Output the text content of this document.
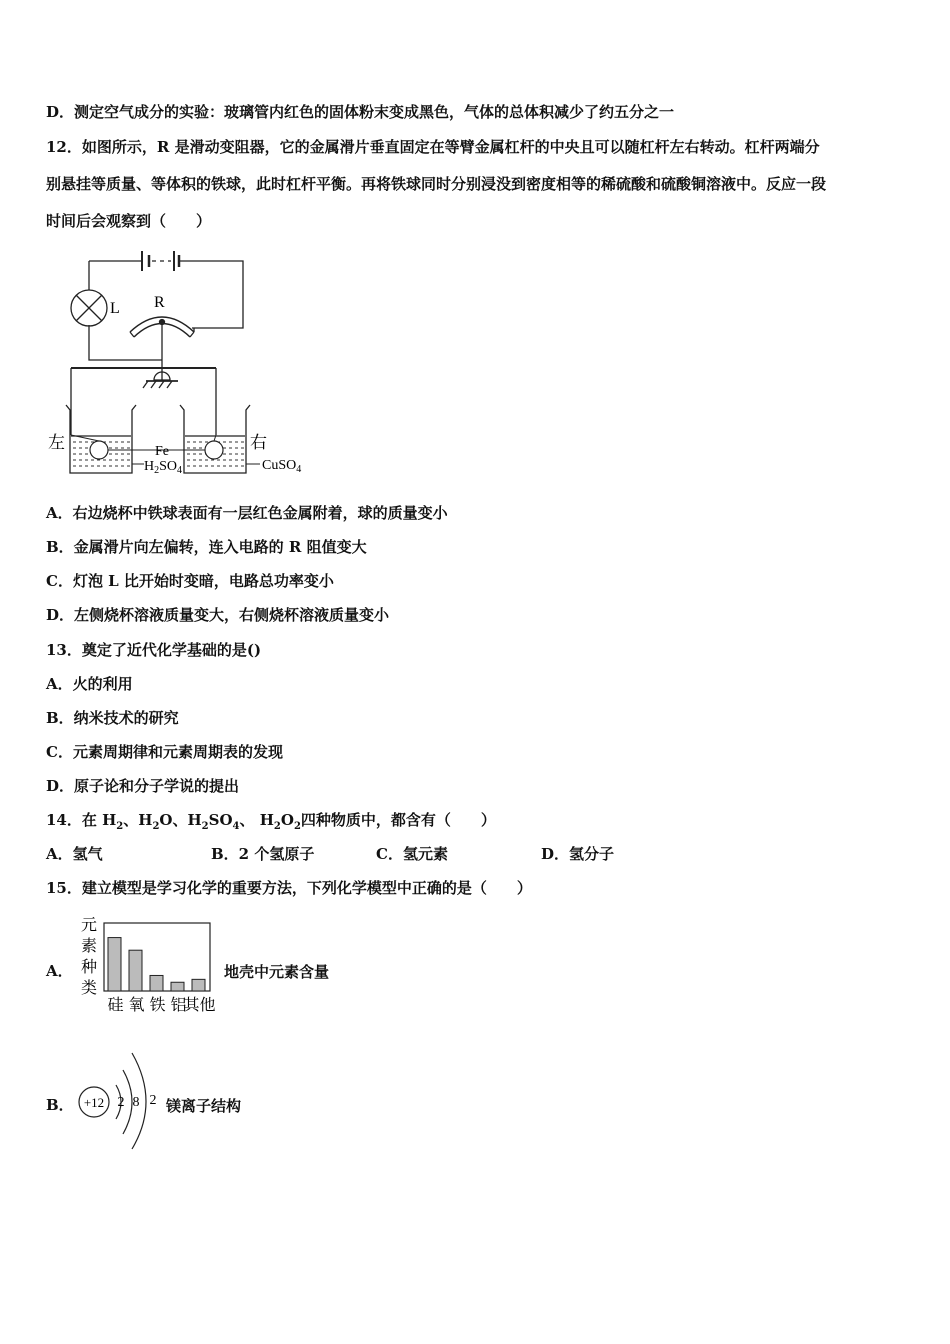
D．测定空气成分的实验：玻璃管内红色的固体粉末变成黑色，气体的总体积减少了约五分之一
12．如图所示，R 是滑动变阻器，它的金属滑片垂直固定在等臂金属杠杆的中央且可以随杠杆左右转动。杠杆两端分
别悬挂等质量、等体积的铁球，此时杠杆平衡。再将铁球同时分别浸没到密度相等的稀硫酸和硫酸铜溶液中。反应一段
时间后会观察到（　　）
L R
左	右
Fe
$H_2SO_4$	CuSO$_4$
A．右边烧杯中铁球表面有一层红色金属附着，球的质量变小
B．金属滑片向左偏转，连入电路的 R 阻值变大
C．灯泡 L 比开始时变暗，电路总功率变小
D．左侧烧杯溶液质量变大，右侧烧杯溶液质量变小
13．奠定了近代化学基础的是()
A．火的利用
B．纳米技术的研究
C．元素周期律和元素周期表的发现
D．原子论和分子学说的提出
14．在 $H_2$、$H_2O$、$H_2SO_4$、 $H_2O_2$四种物质中，都含有（　　）
A．氢气	B．2 个氢原子	C．氢元素	D．氢分子
15．建立模型是学习化学的重要方法，下列化学模型中正确的是（　　）
A．
元
素
种
类
硅 氧 铁 铝
其他
地壳中元素含量
B． +12 2 8 2 镁离子结构
